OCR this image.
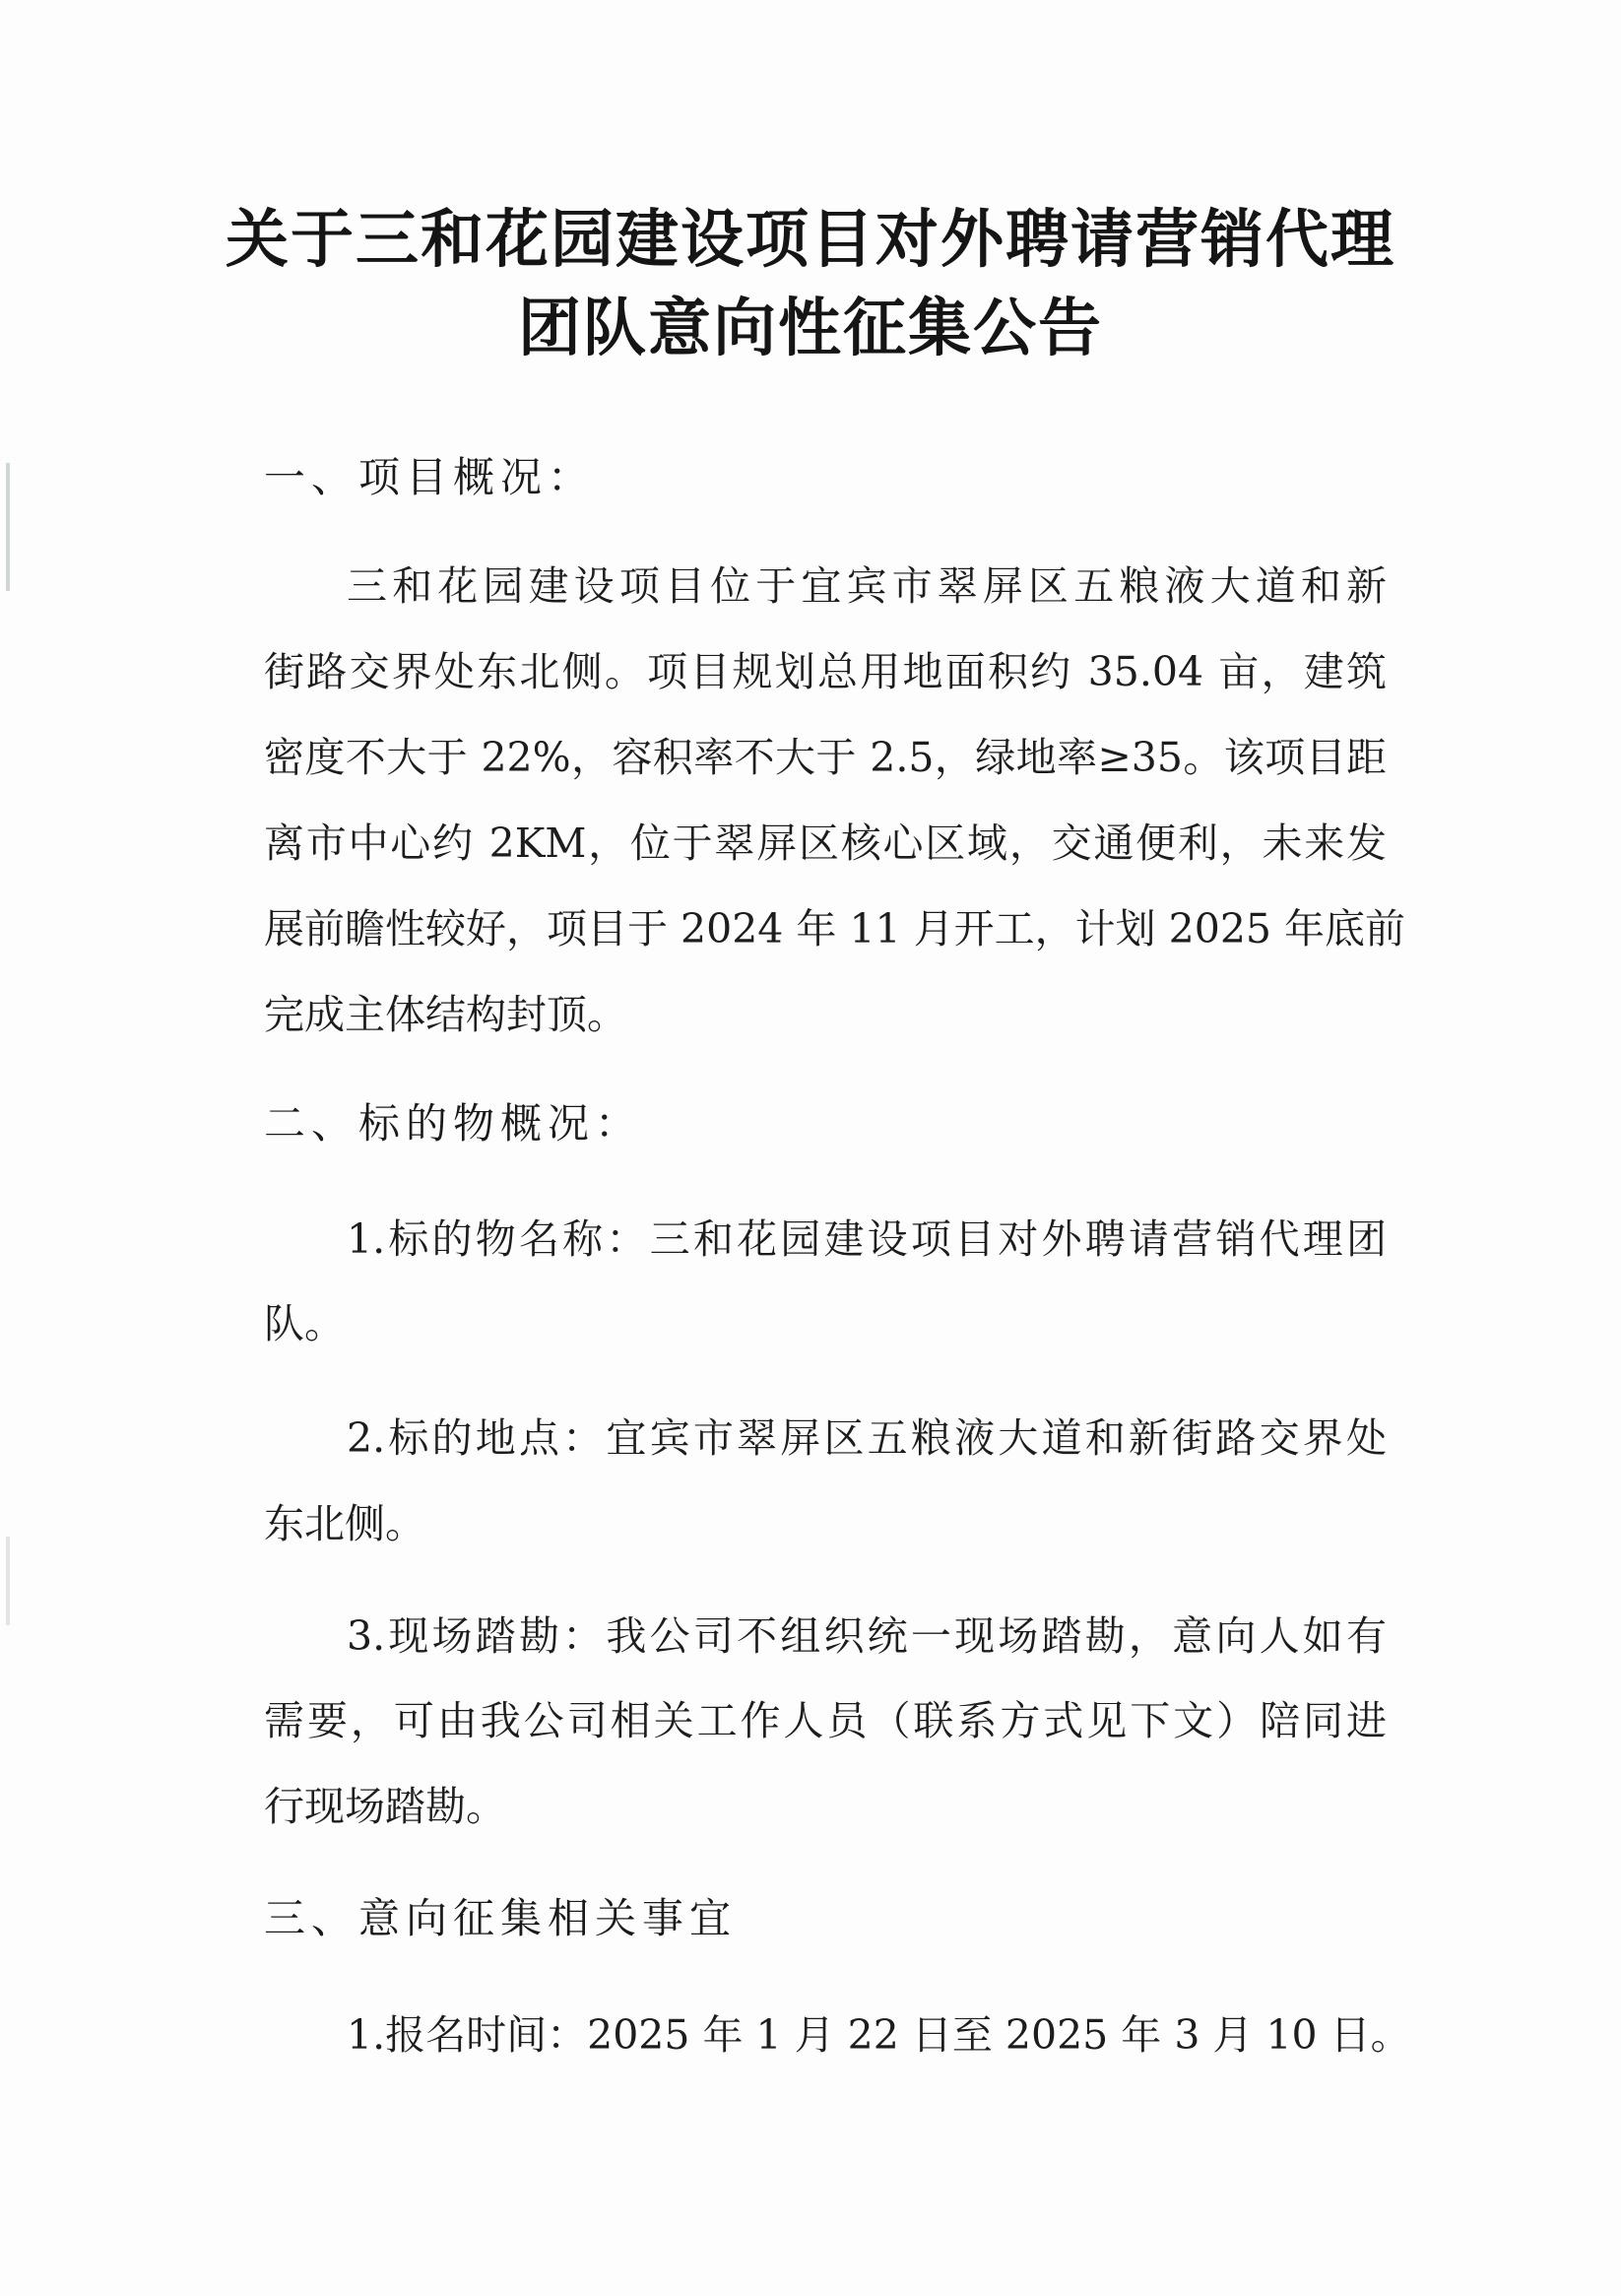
关于三和花园建设项目对外聘请营销代理
团队意向性征集公告
一、项目概况：
三和花园建设项目位于宜宾市翠屏区五粮液大道和新
街路交界处东北侧。项目规划总用地面积约 35.04 亩，建筑
密度不大于 22%，容积率不大于 2.5，绿地率≥35。该项目距
离市中心约 2KM，位于翠屏区核心区域，交通便利，未来发
展前瞻性较好，项目于 2024 年 11 月开工，计划 2025 年底前
完成主体结构封顶。
二、标的物概况：
1.标的物名称：三和花园建设项目对外聘请营销代理团
队。
2.标的地点：宜宾市翠屏区五粮液大道和新街路交界处
东北侧。
3.现场踏勘：我公司不组织统一现场踏勘，意向人如有
需要，可由我公司相关工作人员（联系方式见下文）陪同进
行现场踏勘。
三、意向征集相关事宜
1.报名时间：2025 年 1 月 22 日至 2025 年 3 月 10 日。
